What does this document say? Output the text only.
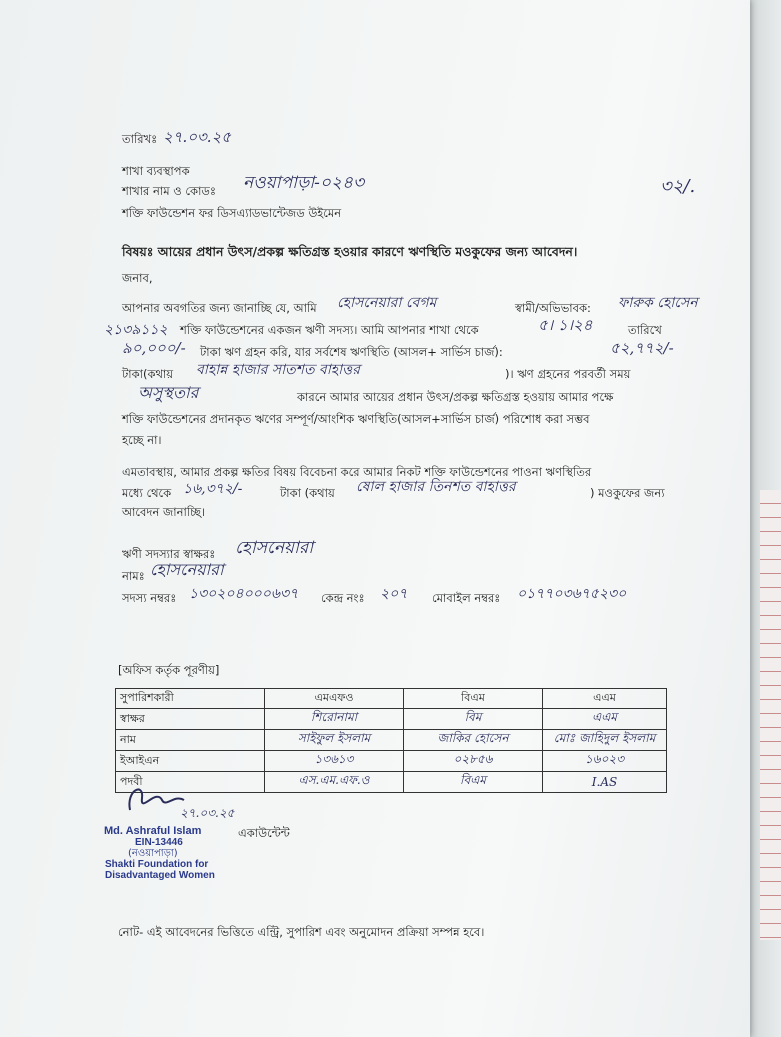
তারিখঃ ২৭.০৩.২৫
৩২/.
শাখা ব্যবস্থাপক
শাখার নাম ও কোডঃ নওয়াপাড়া-০২৪৩
শক্তি ফাউন্ডেশন ফর ডিসএ্যাডভান্টেজড উইমেন
বিষয়ঃ আয়ের প্রধান উৎস/প্রকল্প ক্ষতিগ্রস্ত হওয়ার কারণে ঋণস্থিতি মওকুফের জন্য আবেদন।
জনাব,
আপনার অবগতির জন্য জানাচ্ছি যে, আমি হোসনেয়ারা বেগম	স্বামী/অভিভাবক: ফারুক হোসেন
২১৩৯১১২ শক্তি ফাউন্ডেশনের একজন ঋণী সদস্য। আমি আপনার শাখা থেকে	৫। ১।২৪	তারিখে
৯০,০০০/- টাকা ঋণ গ্রহন করি, যার সর্বশেষ ঋণস্থিতি (আসল+ সার্ভিস চার্জ):	৫২,৭৭২/-
টাকা(কথায় বাহান্ন হাজার সাতশত বাহাত্তর	)। ঋণ গ্রহনের পরবর্তী সময়
অসুস্থতার	কারনে আমার আয়ের প্রধান উৎস/প্রকল্প ক্ষতিগ্রস্ত হওয়ায় আমার পক্ষে
শক্তি ফাউন্ডেশনের প্রদানকৃত ঋণের সম্পূর্ণ/আংশিক ঋণস্থিতি(আসল+সার্ভিস চার্জ) পরিশোধ করা সম্ভব
হচ্ছে না।
এমতাবস্থায়, আমার প্রকল্প ক্ষতির বিষয় বিবেচনা করে আমার নিকট শক্তি ফাউন্ডেশনের পাওনা ঋণস্থিতির
মধ্যে থেকে ১৬,৩৭২/-	টাকা (কথায় ষোল হাজার তিনশত বাহাত্তর	) মওকুফের জন্য
আবেদন জানাচ্ছি।
ঋণী সদস্যার স্বাক্ষরঃ হোসনেয়ারা
নামঃ হোসনেয়ারা
সদস্য নম্বরঃ ১৩০২০৪০০০৬৩৭ কেন্দ্র নংঃ ২০৭ মোবাইল নম্বরঃ ০১৭৭০৩৬৭৫২৩০
[অফিস কর্তৃক পূরণীয়]
সুপারিশকারী	এমএফও	বিএম	এএম
স্বাক্ষর	শিরোনামা	বিম	এএম
নাম	সাইফুল ইসলাম	জাকির হোসেন	মোঃ জাহিদুল ইসলাম
ইআইএন	১৩৬১৩	০২৮৫৬	১৬০২৩
পদবী	এস.এম.এফ.ও	বিএম	I.AS
২৭.০৩.২৫
Md. Ashraful Islam	একাউন্টেন্ট
EIN-13446
(নওয়াপাড়া)
Shakti Foundation for
Disadvantaged Women
নোট- এই আবেদনের ভিত্তিতে এন্ট্রি, সুপারিশ এবং অনুমোদন প্রক্রিয়া সম্পন্ন হবে।
